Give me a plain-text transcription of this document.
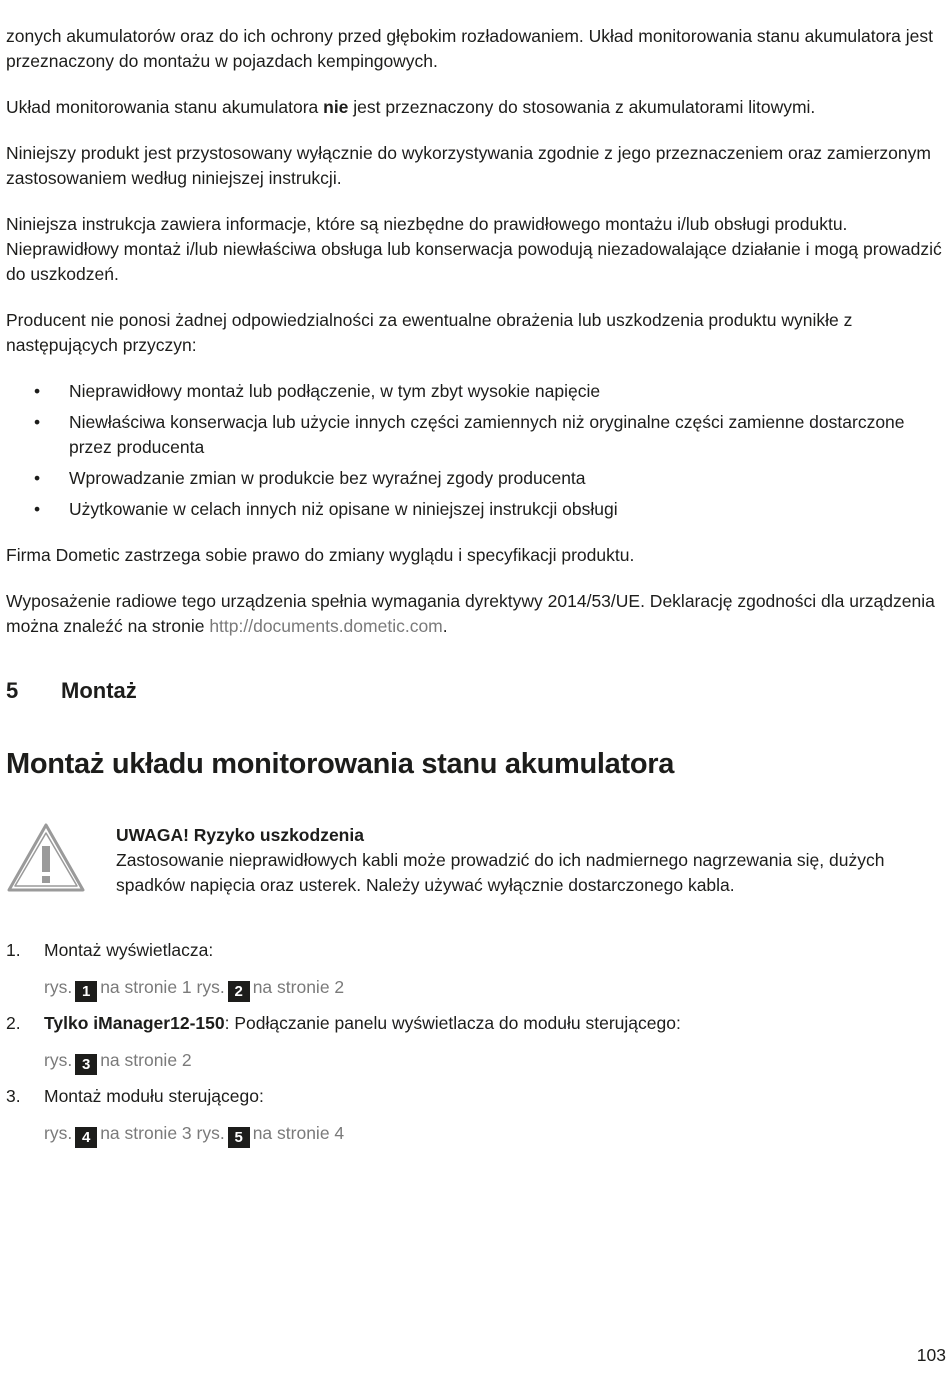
zonych akumulatorów oraz do ich ochrony przed głębokim rozładowaniem. Układ monitorowania stanu akumulatora jest przeznaczony do montażu w pojazdach kempingowych.

Układ monitorowania stanu akumulatora nie jest przeznaczony do stosowania z akumulatorami litowymi.

Niniejszy produkt jest przystosowany wyłącznie do wykorzystywania zgodnie z jego przeznaczeniem oraz zamierzonym zastosowaniem według niniejszej instrukcji.

Niniejsza instrukcja zawiera informacje, które są niezbędne do prawidłowego montażu i/lub obsługi produktu. Nieprawidłowy montaż i/lub niewłaściwa obsługa lub konserwacja powodują niezadowalające działanie i mogą prowadzić do uszkodzeń.

Producent nie ponosi żadnej odpowiedzialności za ewentualne obrażenia lub uszkodzenia produktu wynikłe z następujących przyczyn:

• Nieprawidłowy montaż lub podłączenie, w tym zbyt wysokie napięcie
• Niewłaściwa konserwacja lub użycie innych części zamiennych niż oryginalne części zamienne dostarczone przez producenta
• Wprowadzanie zmian w produkcie bez wyraźnej zgody producenta
• Użytkowanie w celach innych niż opisane w niniejszej instrukcji obsługi

Firma Dometic zastrzega sobie prawo do zmiany wyglądu i specyfikacji produktu.

Wyposażenie radiowe tego urządzenia spełnia wymagania dyrektywy 2014/53/UE. Deklarację zgodności dla urządzenia można znaleźć na stronie http://documents.dometic.com.

5 Montaż
Montaż układu monitorowania stanu akumulatora

UWAGA! Ryzyko uszkodzenia

Zastosowanie nieprawidłowych kabli może prowadzić do ich nadmiernego nagrzewania się, dużych spadków napięcia oraz usterek. Należy używać wyłącznie dostarczonego kabla.

1. Montaż wyświetlacza:

rys. 1 na stronie 1 rys. 2 na stronie 2

2. Tylko iManager12-150: Podłączanie panelu wyświetlacza do modułu sterującego:

rys. 3 na stronie 2

3. Montaż modułu sterującego:

rys. 4 na stronie 3 rys. 5 na stronie 4

103
